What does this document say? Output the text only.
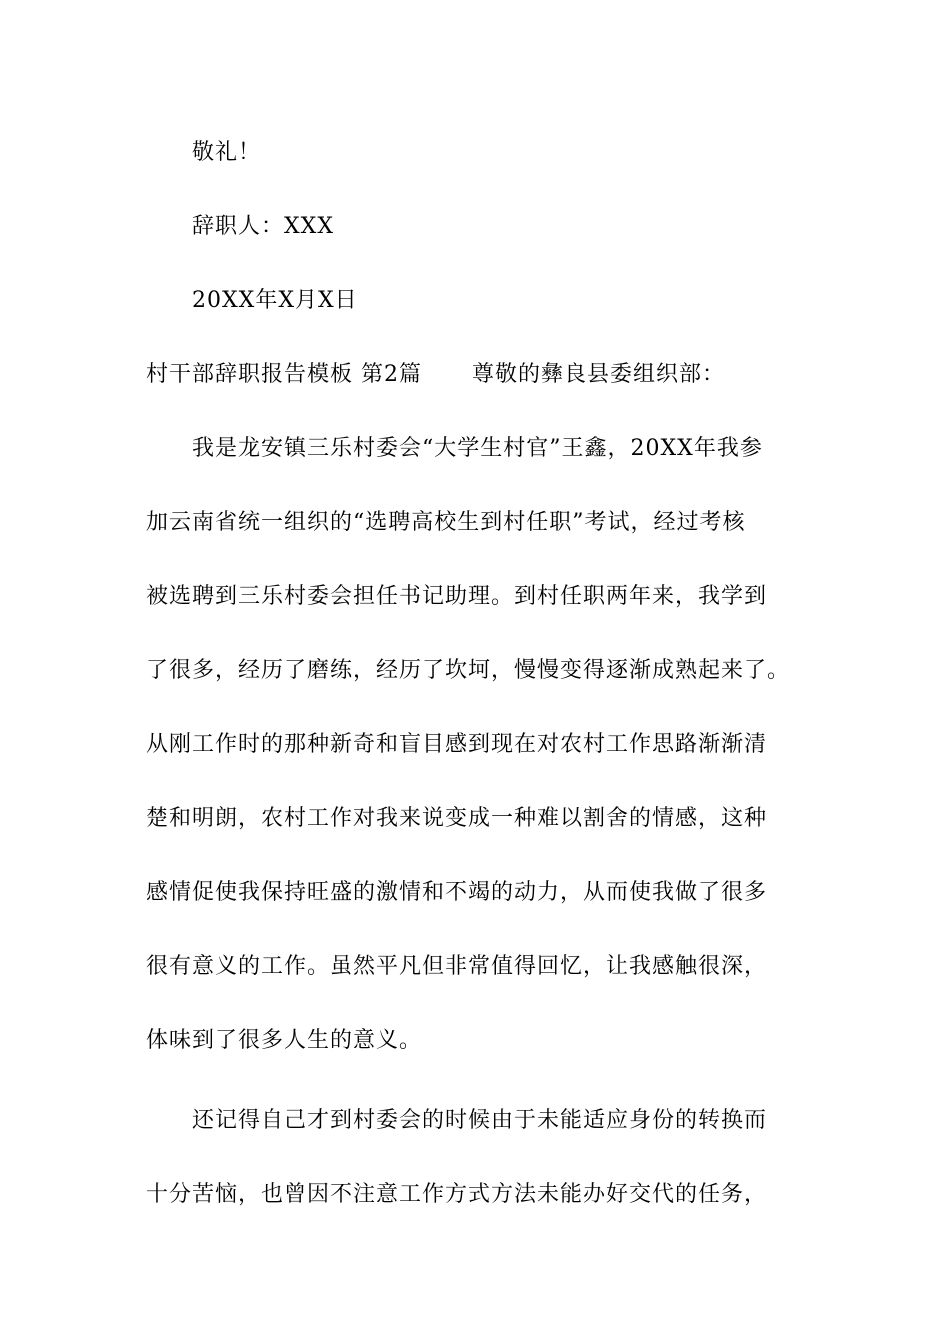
敬礼！
辞职人：XXX
20XX年X月X日
村干部辞职报告模板 第2篇 尊敬的彝良县委组织部：
我是龙安镇三乐村委会“大学生村官”王鑫，20XX年我参
加云南省统一组织的“选聘高校生到村任职”考试，经过考核
被选聘到三乐村委会担任书记助理。到村任职两年来，我学到
了很多，经历了磨练，经历了坎坷，慢慢变得逐渐成熟起来了。
从刚工作时的那种新奇和盲目感到现在对农村工作思路渐渐清
楚和明朗，农村工作对我来说变成一种难以割舍的情感，这种
感情促使我保持旺盛的激情和不竭的动力，从而使我做了很多
很有意义的工作。虽然平凡但非常值得回忆，让我感触很深，
体味到了很多人生的意义。
还记得自己才到村委会的时候由于未能适应身份的转换而
十分苦恼，也曾因不注意工作方式方法未能办好交代的任务，
